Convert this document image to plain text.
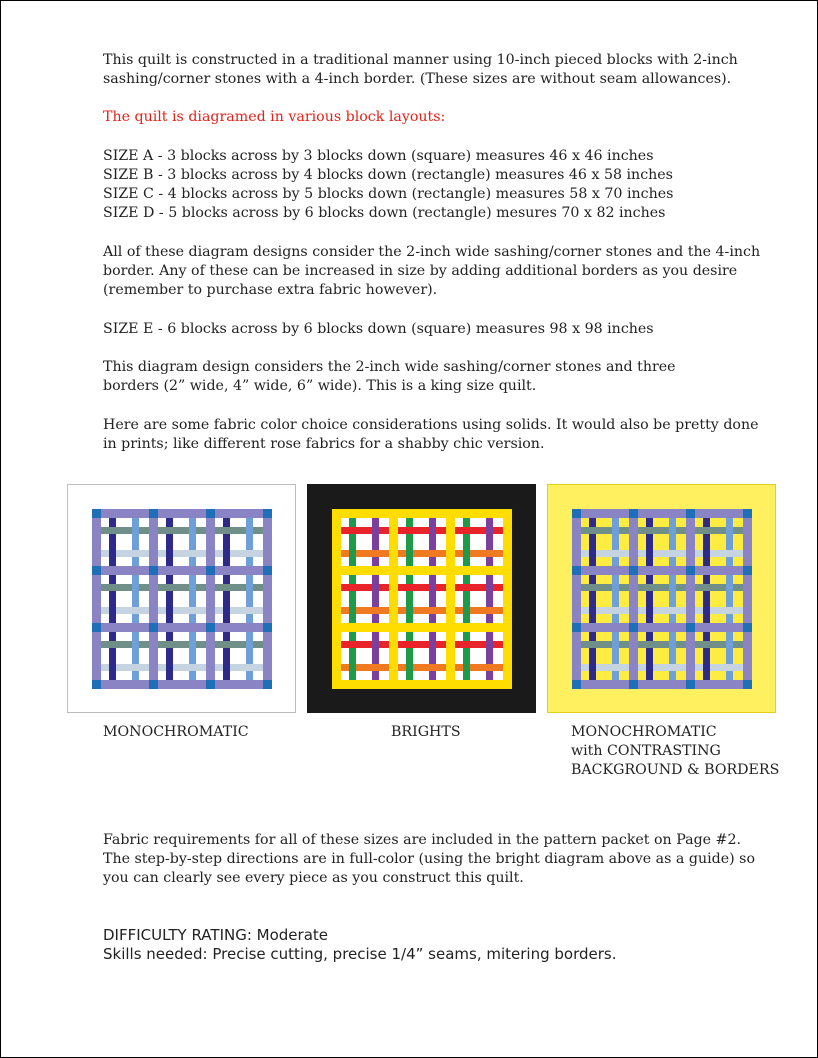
This quilt is constructed in a traditional manner using 10-inch pieced blocks with 2-inch
sashing/corner stones with a 4-inch border. (These sizes are without seam allowances).
The quilt is diagramed in various block layouts:
SIZE A - 3 blocks across by 3 blocks down (square) measures 46 x 46 inches
SIZE B - 3 blocks across by 4 blocks down (rectangle) measures 46 x 58 inches
SIZE C - 4 blocks across by 5 blocks down (rectangle) measures 58 x 70 inches
SIZE D - 5 blocks across by 6 blocks down (rectangle) mesures 70 x 82 inches
All of these diagram designs consider the 2-inch wide sashing/corner stones and the 4-inch
border. Any of these can be increased in size by adding additional borders as you desire
(remember to purchase extra fabric however).
SIZE E - 6 blocks across by 6 blocks down (square) measures 98 x 98 inches
This diagram design considers the 2-inch wide sashing/corner stones and three
borders (2” wide, 4” wide, 6” wide). This is a king size quilt.
Here are some fabric color choice considerations using solids. It would also be pretty done
in prints; like different rose fabrics for a shabby chic version.
MONOCHROMATIC	BRIGHTS	MONOCHROMATIC
with CONTRASTING
BACKGROUND & BORDERS
Fabric requirements for all of these sizes are included in the pattern packet on Page #2.
The step-by-step directions are in full-color (using the bright diagram above as a guide) so
you can clearly see every piece as you construct this quilt.
DIFFICULTY RATING: Moderate
Skills needed: Precise cutting, precise 1/4” seams, mitering borders.
